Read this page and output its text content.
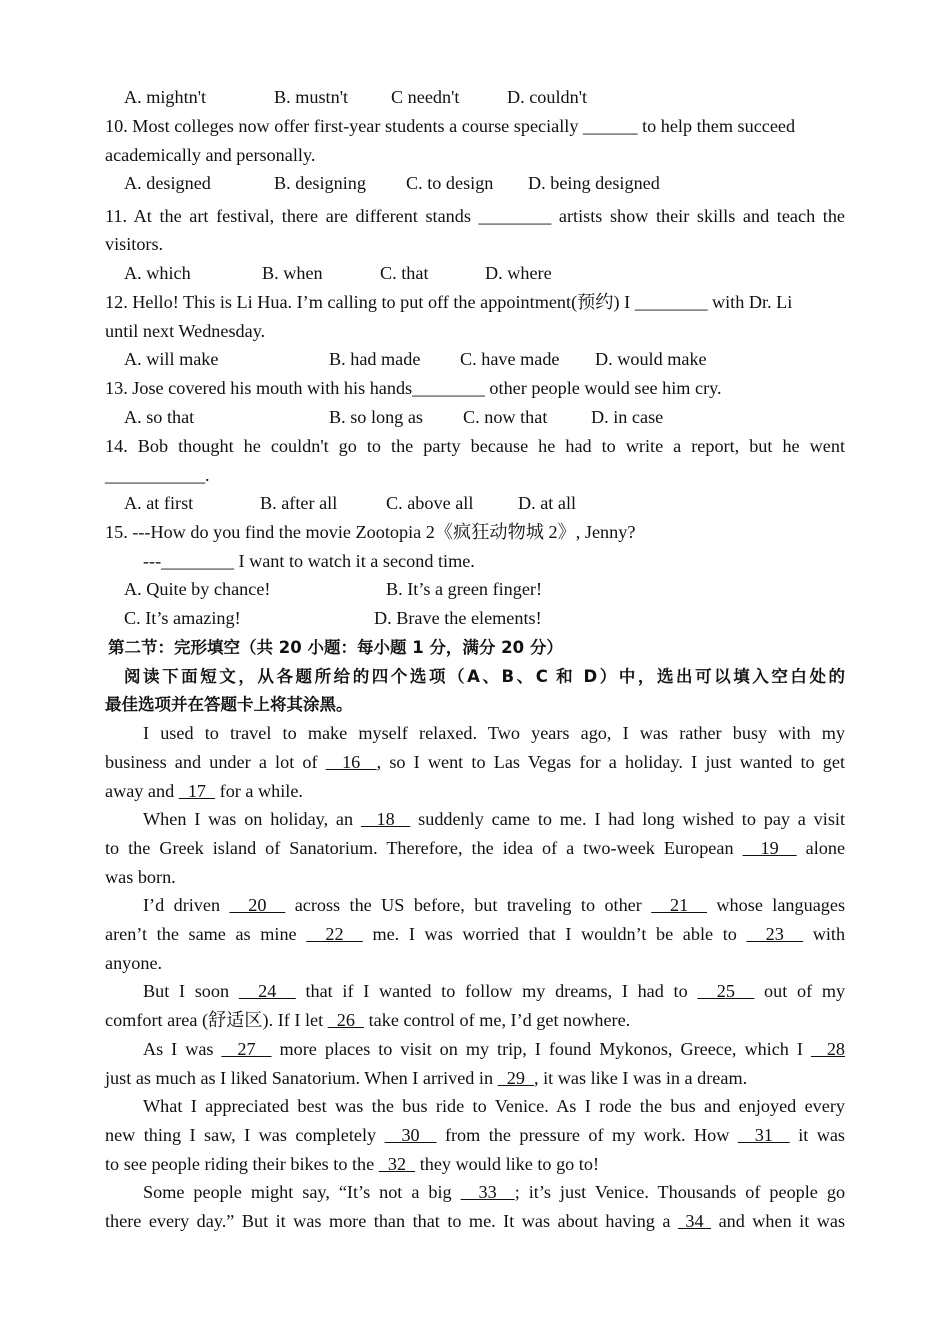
A. mightn't	B. mustn't C needn't	D. couldn't
10. Most colleges now offer first-year students a course specially ______ to help them succeed
academically and personally.
A. designed	B. designing C. to design D. being designed
11. At the art festival, there are different stands ________ artists show their skills and teach the
visitors.
A. which	B. when	C. that	D. where
12. Hello! This is Li Hua. I’m calling to put off the appointment(预约) I ________ with Dr. Li
until next Wednesday.
A. will make	B. had made C. have made D. would make
13. Jose covered his mouth with his hands________ other people would see him cry.
A. so that	B. so long as C. now that D. in case
14. Bob thought he couldn't go to the party because he had to write a report, but he went
___________.
A. at first	B. after all	C. above all D. at all
15. ---How do you find the movie Zootopia 2《疯狂动物城 2》, Jenny?
---________ I want to watch it a second time.
A. Quite by chance!	B. It’s a green finger!
C. It’s amazing!	D. Brave the elements!
第二节：完形填空（共 20 小题：每小题 1 分，满分 20 分）
阅读下面短文，从各题所给的四个选项（A、B、C 和 D）中，选出可以填入空白处的
最佳选项并在答题卡上将其涂黑。
I used to travel to make myself relaxed. Two years ago, I was rather busy with my
business and under a lot of   16  , so I went to Las Vegas for a holiday. I just wanted to get
away and   17   for a while.
When I was on holiday, an   18   suddenly came to me. I had long wished to pay a visit
to the Greek island of Sanatorium. Therefore, the idea of a two-week European   19   alone
was born.
I’d driven   20   across the US before, but traveling to other   21   whose languages
aren’t the same as mine   22   me. I was worried that I wouldn’t be able to   23   with
anyone.
But I soon   24   that if I wanted to follow my dreams, I had to   25   out of my
comfort area (舒适区). If I let   26   take control of me, I’d get nowhere.
As I was   27   more places to visit on my trip, I found Mykonos, Greece, which I   28
just as much as I liked Sanatorium. When I arrived in   29  , it was like I was in a dream.
What I appreciated best was the bus ride to Venice. As I rode the bus and enjoyed every
new thing I saw, I was completely   30   from the pressure of my work. How   31   it was
to see people riding their bikes to the   32   they would like to go to!
Some people might say, “It’s not a big   33  ; it’s just Venice. Thousands of people go
there every day.” But it was more than that to me. It was about having a  34  and when it was
